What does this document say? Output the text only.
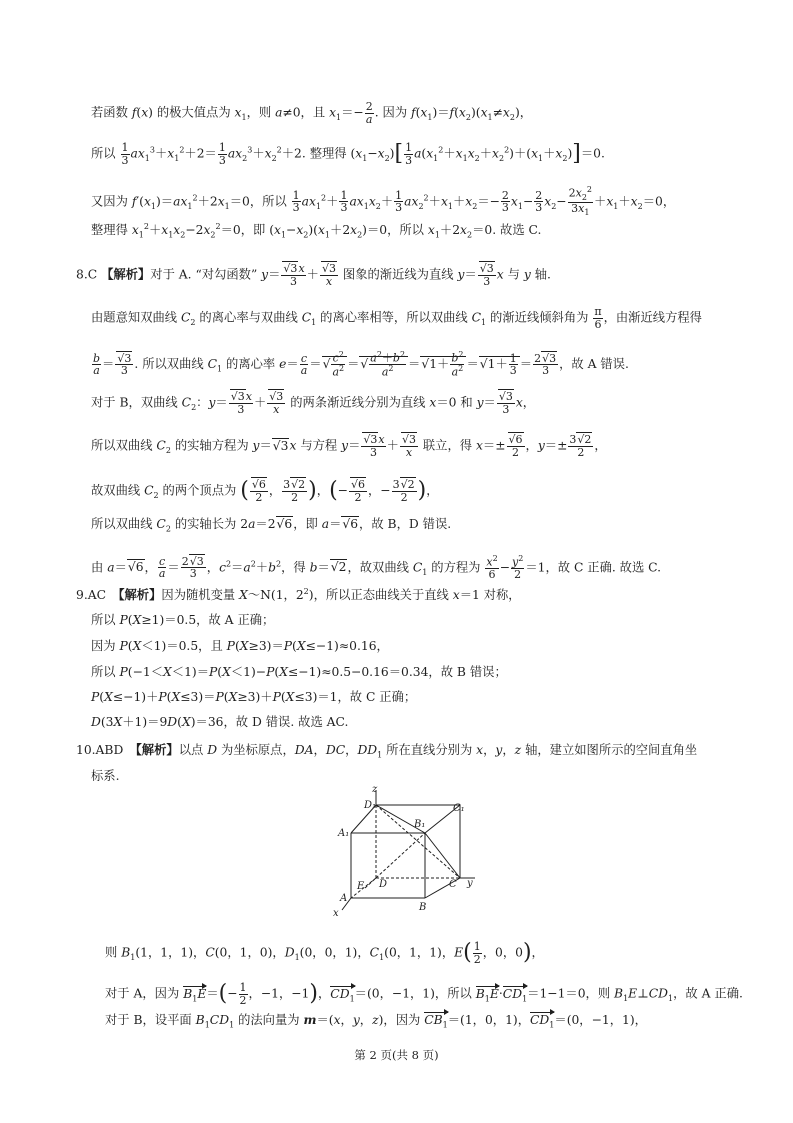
若函数 f(x) 的极大值点为 $x_1$，则 a≠0，且 $x_1=- \frac{2}{a}$ . 因为 $f(x_1)=f(x_2)(x_1\ne x_2)$，
所以 $\frac{1}{3} ax_1^3+x_1^2+2= \frac{1}{3} ax_2^3+x_2^2+2$. 整理得 $(x_1-x_2)[ \frac{1}{3} a(x_1^2+x_1x_2+x_2^2)+(x_1+x_2)]=0$.
又因为 $f'(x_1)=ax_1^2+2x_1=0$，所以 $\frac{1}{3} ax_1^2+ \frac{1}{3} ax_1x_2+ \frac{1}{3} ax_2^2+x_1+x_2=- \frac{2}{3} x_1- \frac{2}{3} x_2- \frac{2x_2^2}{3x_1} +x_1+x_2=0$，
整理得 $x_1^2+x_1x_2-2x_2^2=0$，即 $(x_1-x_2)(x_1+2x_2)=0$，所以 $x_1+2x_2=0$. 故选 C.
8.C 【解析】对于 A. “对勾函数” $y= \frac{√3x}{3} + \frac{√3}{x}$ 图象的渐近线为直线 $y= \frac{√3}{3}$ x 与 y 轴.
由题意知双曲线 $C_2$ 的离心率与双曲线 $C_1$ 的离心率相等，所以双曲线 $C_1$ 的渐近线倾斜角为 $\frac{\pi}{6}$ ，由渐近线方程得
$\frac{b}{a} = \frac{√3}{3}$ . 所以双曲线 $C_1$ 的离心率 $e= \frac{c}{a}$ ＝√ $\frac{c^2}{a^2}$ ＝√ $\frac{a^2+b^2}{a^2} =√1+ \frac{b^2}{a^2} =√1+ \frac{1}{3} = \frac{2√3}{3}$ ，故 A 错误.
对于 B，双曲线 $C_2$：$y= \frac{√3x}{3} + \frac{√3}{x}$ 的两条渐近线分别为直线 x＝0 和 $y= \frac{√3}{3}$ x，
所以双曲线 $C_2$ 的实轴方程为 y＝√3x 与方程 $y= \frac{√3x}{3} + \frac{√3}{x}$ 联立，得 $x=\pm \frac{√6}{2}$ ，$y=\pm \frac{3√2}{2}$ ，
故双曲线 $C_2$ 的两个顶点为 ( $\frac{√6}{2}$ ， $\frac{3√2}{2}$ )，(− $\frac{√6}{2}$ ，− $\frac{3√2}{2}$ )，
所以双曲线 $C_2$ 的实轴长为 2a＝2√6，即 a＝√6，故 B，D 错误.
由 a＝√6， $\frac{c}{a} = \frac{2√3}{3}$ ，$c^2=a^2+b^2$，得 b＝√2，故双曲线 $C_1$ 的方程为 $\frac{x^2}{6} - \frac{y^2}{2} =1$，故 C 正确. 故选 C.
9.AC　 【解析】因为随机变量 X～N(1，$2^2$)，所以正态曲线关于直线 x＝1 对称，
所以 P(X≥1)＝0.5，故 A 正确；
因为 P(X＜1)＝0.5，且 P(X≥3)＝P(X≤−1)≈0.16，
所以 P(−1＜X＜1)＝P(X＜1)−P(X≤−1)≈0.5−0.16＝0.34，故 B 错误；
P(X≤−1)＋P(X≤3)＝P(X≥3)＋P(X≤3)＝1，故 C 正确；
D(3X＋1)＝9D(X)＝36，故 D 错误. 故选 AC.
10.ABD　 【解析】以点 D 为坐标原点，DA，DC，$DD_1$ 所在直线分别为 x，y，z 轴，建立如图所示的空间直角坐
标系.
z
D₁	C₁
B₁
A₁
E D
A
C y
B
x
则 $B_1(1$，1，1)，C(0，1，0)，$D_1(0$，0，1)，$C_1(0$，1，1)，$E( \frac{1}{2}$ ，0，0)，
对于 A，因为 $B_1E=(- \frac{1}{2}$ ，−1，−1)，$CD_1=(0$，−1，1)，所以 $B_1E\cdot CD_1=1-1=0$，则 $B_1E\perp CD_1$，故 A 正确.
对于 B，设平面 $B_1CD_1$ 的法向量为 m＝(x，y，z)，因为 $CB_1=(1$，0，1)，$CD_1=(0$，−1，1)，
第 2 页(共 8 页)
